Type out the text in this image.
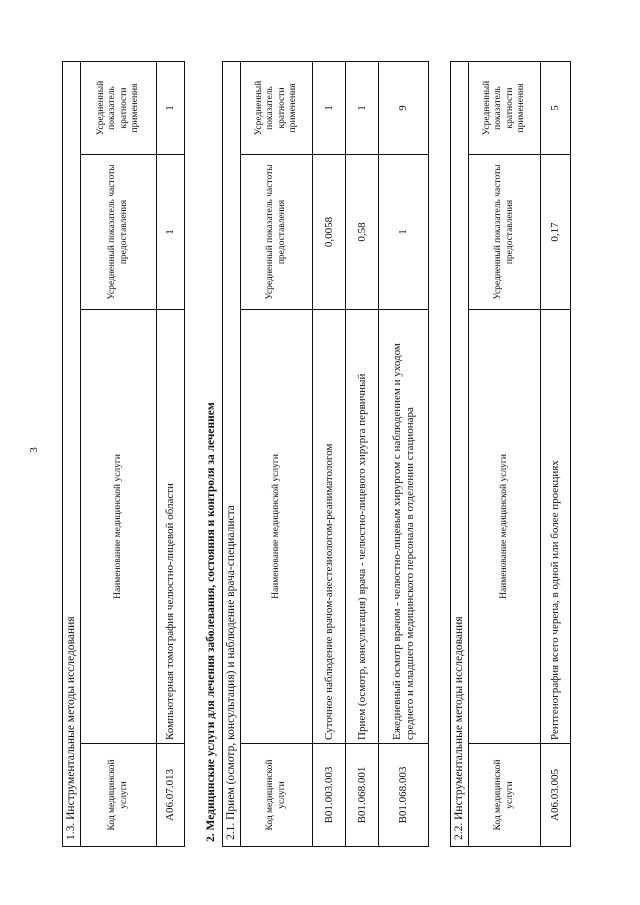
3
1.3. Инструментальные методы исследования			
Код медицинской услуги	Наименование медицинской услуги	Усредненный показатель частоты предоставления	Усредненный показатель кратности применения
A06.07.013	Компьютерная томография челюстно-лицевой области	1	1
2. Медицинские услуги для лечения заболевания, состояния и контроля за лечением 2.1. Прием (осмотр, консультация) и наблюдение врача-специалиста			
Код медицинской услуги	Наименование медицинской услуги	Усредненный показатель частоты предоставления	Усредненный показатель кратности применения
B01.003.003	Суточное наблюдение врачом-анестезиологом-реаниматологом	0,0058	1
B01.068.001	Прием (осмотр, консультация) врача - челюстно-лицевого хирурга первичный	0,58	1
B01.068.003	Ежедневный осмотр врачом - челюстно-лицевым хирургом с наблюдением и уходом среднего и младшего медицинского персонала в отделении стационара	1	9
2.2. Инструментальные методы исследования			
Код медицинской услуги	Наименование медицинской услуги	Усредненный показатель частоты предоставления	Усредненный показатель кратности применения
A06.03.005	Рентгенография всего черепа, в одной или более проекциях	0,17	5
